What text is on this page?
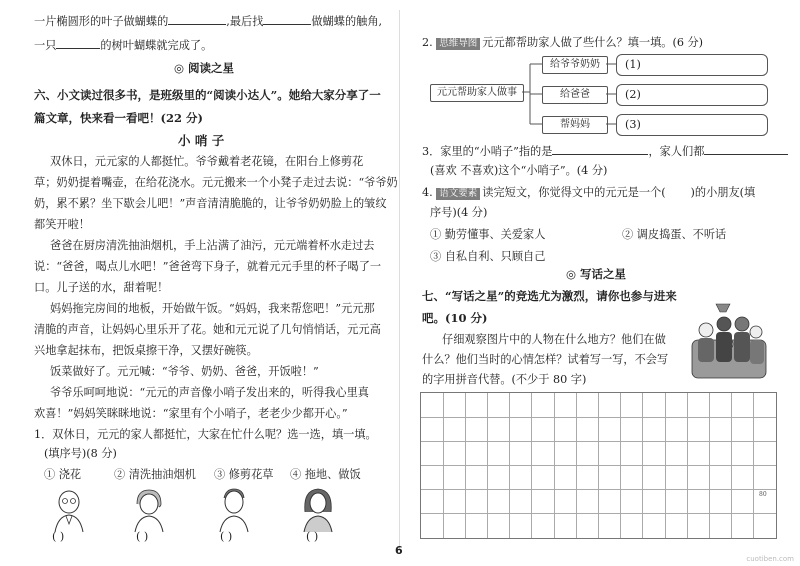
一片椭圆形的叶子做蝴蝶的	,最后找	做蝴蝶的触角,
一只	的树叶蝴蝶就完成了。
◎ 阅读之星
六、小文读过很多书，是班级里的“阅读小达人”。她给大家分享了一
篇文章，快来看一看吧！(22 分)
小 哨 子
双休日，元元家的人都挺忙。爷爷戴着老花镜，在阳台上修剪花
草；奶奶提着嘴壶，在给花浇水。元元搬来一个小凳子走过去说：“爷爷奶
奶，累不累？坐下歇会儿吧！”声音清清脆脆的，让爷爷奶奶脸上的皱纹
都笑开啦！
爸爸在厨房清洗抽油烟机，手上沾满了油污，元元端着杯水走过去
说：“爸爸，喝点儿水吧！”爸爸弯下身子，就着元元手里的杯子喝了一
口。儿子送的水，甜着呢！
妈妈拖完房间的地板，开始做午饭。“妈妈，我来帮您吧！”元元那
清脆的声音，让妈妈心里乐开了花。她和元元说了几句悄悄话，元元高
兴地拿起抹布，把饭桌擦干净，又摆好碗筷。
饭菜做好了。元元喊：“爷爷、奶奶、爸爸，开饭啦！”
爷爷乐呵呵地说：“元元的声音像小哨子发出来的，听得我心里真
欢喜！”妈妈笑眯眯地说：“家里有个小哨子，老老少少都开心。”
1．双休日，元元的家人都挺忙，大家在忙什么呢？选一选，填一填。
(填序号)(8 分)
① 浇花	② 清洗抽油烟机 ③ 修剪花草 ④ 拖地、做饭
( )	( )	( )	( )
6
2. 思维导图 元元都帮助家人做了些什么？填一填。(6 分)
元元帮助家人做事
给爷爷奶奶
给爸爸
帮妈妈
(1)
(2)
(3)
3．家里的“小哨子”指的是	，家人们都
(喜欢 不喜欢)这个“小哨子”。(4 分)
4. 语文要素 读完短文，你觉得文中的元元是一个( )的小朋友(填
序号)(4 分)
① 勤劳懂事、关爱家人	② 调皮捣蛋、不听话
③ 自私自利、只顾自己
◎ 写话之星
七、“写话之星”的竞选尤为激烈，请你也参与进来
吧。(10 分)
仔细观察图片中的人物在什么地方？他们在做
什么？他们当时的心情怎样？试着写一写，不会写
的字用拼音代替。(不少于 80 字)
80
cuotiben.com
